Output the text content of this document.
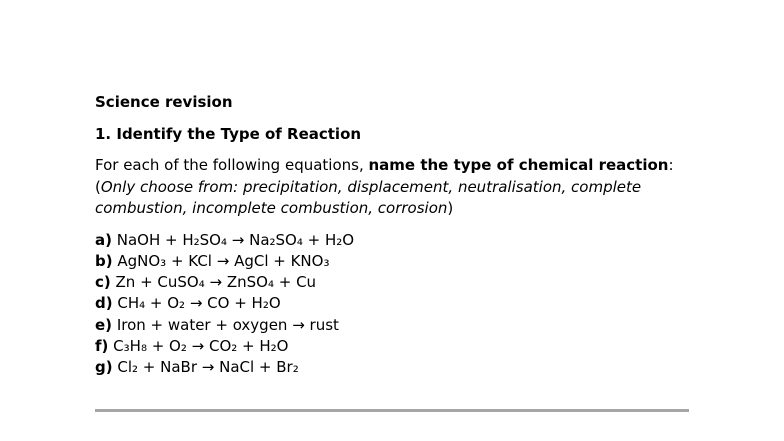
Science revision

1. Identify the Type of Reaction

For each of the following equations, name the type of chemical reaction:
(Only choose from: precipitation, displacement, neutralisation, complete combustion, incomplete combustion, corrosion)

a) NaOH + H₂SO₄ → Na₂SO₄ + H₂O
b) AgNO₃ + KCl → AgCl + KNO₃
c) Zn + CuSO₄ → ZnSO₄ + Cu
d) CH₄ + O₂ → CO + H₂O
e) Iron + water + oxygen → rust
f) C₃H₈ + O₂ → CO₂ + H₂O
g) Cl₂ + NaBr → NaCl + Br₂
